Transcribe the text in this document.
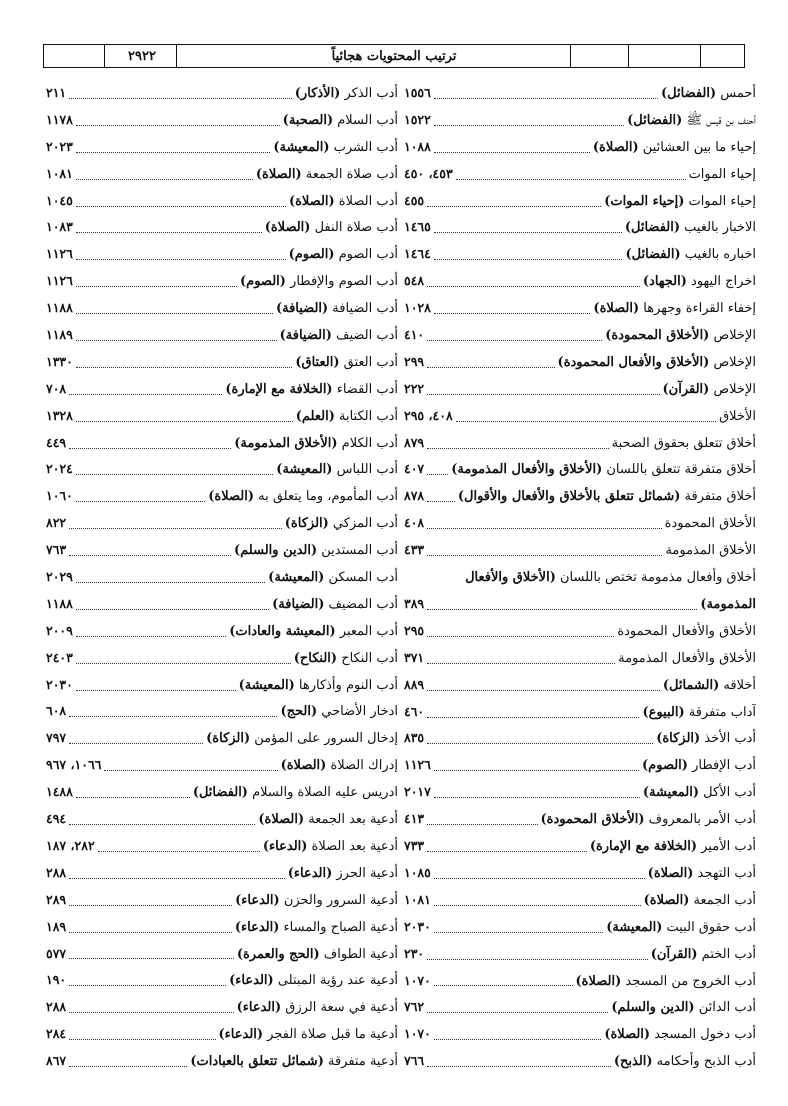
٢٩٢٢	ترتيب المحتويات هجائياً
أحمس (الفضائل)
١٥٥٦
أحنف بن قيس ﷺ (الفضائل)
١٥٢٢
إحياء ما بين العشائين (الصلاة)
١٠٨٨
إحياء الموات
٤٥٣، ٤٥٠
إحياء الموات (إحياء الموات)
٤٥٥
الاخبار بالغيب (الفضائل)
١٤٦٥
اخباره بالغيب (الفضائل)
١٤٦٤
اخراج اليهود (الجهاد)
٥٤٨
إخفاء القراءة وجهرها (الصلاة)
١٠٢٨
الإخلاص (الأخلاق المحمودة)
٤١٠
الإخلاص (الأخلاق والأفعال المحمودة)
٢٩٩
الإخلاص (القرآن)
٢٢٢
الأخلاق
٤٠٨، ٢٩٥
أخلاق تتعلق بحقوق الصحبة
٨٧٩
أخلاق متفرقة تتعلق باللسان (الأخلاق والأفعال المذمومة)
٤٠٧
أخلاق متفرقة (شمائل تتعلق بالأخلاق والأفعال والأقوال)
٨٧٨
الأخلاق المحمودة
٤٠٨
الأخلاق المذمومة
٤٣٣
أخلاق وأفعال مذمومة تختص باللسان (الأخلاق والأفعال
المذمومة)
٣٨٩
الأخلاق والأفعال المحمودة
٢٩٥
الأخلاق والأفعال المذمومة
٣٧١
أخلاقه (الشمائل)
٨٨٩
آداب متفرقة (البيوع)
٤٦٠
أدب الأخذ (الزكاة)
٨٣٥
أدب الإفطار (الصوم)
١١٢٦
أدب الأكل (المعيشة)
٢٠١٧
أدب الأمر بالمعروف (الأخلاق المحمودة)
٤١٣
أدب الأمير (الخلافة مع الإمارة)
٧٣٣
أدب التهجد (الصلاة)
١٠٨٥
أدب الجمعة (الصلاة)
١٠٨١
أدب حقوق البيت (المعيشة)
٢٠٣٠
أدب الختم (القرآن)
٢٣٠
أدب الخروج من المسجد (الصلاة)
١٠٧٠
أدب الدائن (الدين والسلم)
٧٦٢
أدب دخول المسجد (الصلاة)
١٠٧٠
أدب الذبح وأحكامه (الذبح)
٧٦٦
أدب الذكر (الأذكار)
٢١١
أدب السلام (الصحبة)
١١٧٨
أدب الشرب (المعيشة)
٢٠٢٣
أدب صلاة الجمعة (الصلاة)
١٠٨١
أدب الصلاة (الصلاة)
١٠٤٥
أدب صلاة النفل (الصلاة)
١٠٨٣
أدب الصوم (الصوم)
١١٢٦
أدب الصوم والإفطار (الصوم)
١١٢٦
أدب الضيافة (الضيافة)
١١٨٨
أدب الضيف (الضيافة)
١١٨٩
أدب العتق (العتاق)
١٣٣٠
أدب القضاء (الخلافة مع الإمارة)
٧٠٨
أدب الكتابة (العلم)
١٣٢٨
أدب الكلام (الأخلاق المذمومة)
٤٤٩
أدب اللباس (المعيشة)
٢٠٢٤
أدب المأموم، وما يتعلق به (الصلاة)
١٠٦٠
أدب المزكي (الزكاة)
٨٢٢
أدب المستدين (الدين والسلم)
٧٦٣
أدب المسكن (المعيشة)
٢٠٢٩
أدب المضيف (الضيافة)
١١٨٨
أدب المعبر (المعيشة والعادات)
٢٠٠٩
أدب النكاح (النكاح)
٢٤٠٣
أدب النوم وأذكارها (المعيشة)
٢٠٣٠
ادخار الأضاحي (الحج)
٦٠٨
إدخال السرور على المؤمن (الزكاة)
٧٩٧
إدراك الصلاة (الصلاة)
١٠٦٦، ٩٦٧
ادريس عليه الصلاة والسلام (الفضائل)
١٤٨٨
أدعية بعد الجمعة (الصلاة)
٤٩٤
أدعية بعد الصلاة (الدعاء)
٢٨٢، ١٨٧
أدعية الحرز (الدعاء)
٢٨٨
أدعية السرور والحزن (الدعاء)
٢٨٩
أدعية الصباح والمساء (الدعاء)
١٨٩
أدعية الطواف (الحج والعمرة)
٥٧٧
أدعية عند رؤية المبتلى (الدعاء)
١٩٠
أدعية في سعة الرزق (الدعاء)
٢٨٨
أدعية ما قبل صلاة الفجر (الدعاء)
٢٨٤
أدعية متفرقة (شمائل تتعلق بالعبادات)
٨٦٧
